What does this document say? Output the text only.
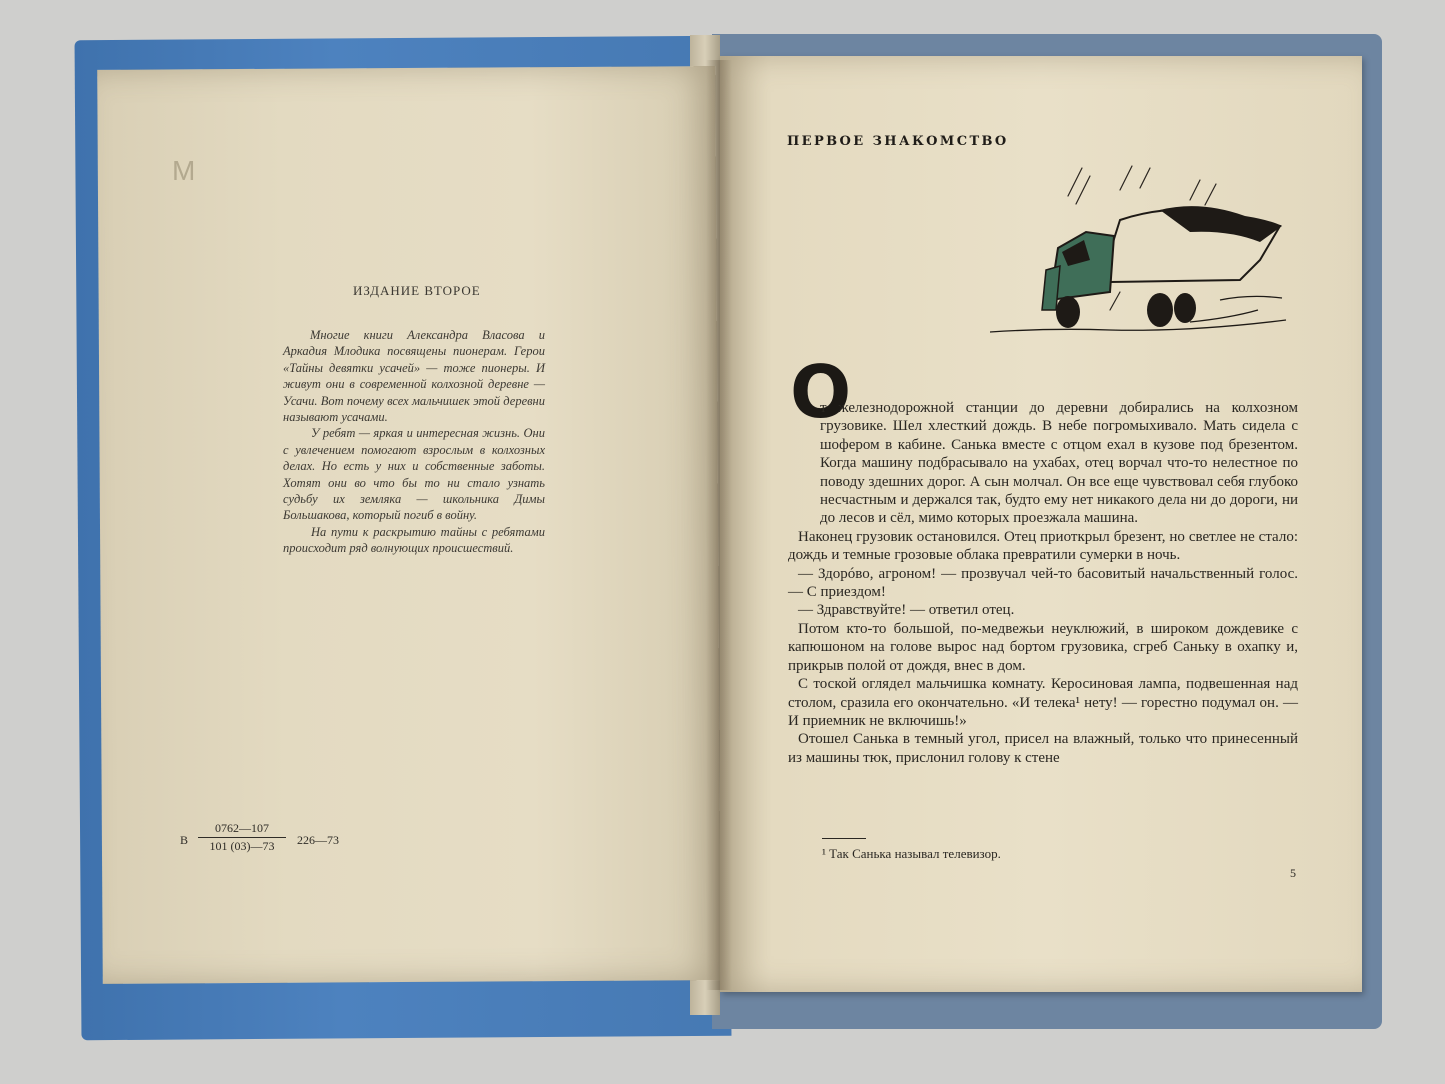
М
ИЗДАНИЕ ВТОРОЕ

Многие книги Александра Власова и Аркадия Млодика посвящены пионерам. Герои «Тайны девятки усачей» — тоже пионеры. И живут они в современной колхозной деревне — Усачи. Вот почему всех мальчишек этой деревни называют усачами.

У ребят — яркая и интересная жизнь. Они с увлечением помогают взрослым в колхозных делах. Но есть у них и собственные заботы. Хотят они во что бы то ни стало узнать судьбу их земляка — школьника Димы Большакова, который погиб в войну.

На пути к раскрытию тайны с ребятами происходит ряд волнующих происшествий.

В $\frac{0762—107}{101 (03)—73}$ 226—73
ПЕРВОЕ ЗНАКОМСТВО
О

т железнодорожной станции до деревни добирались на колхозном грузовике. Шел хлесткий дождь. В небе погромыхивало. Мать сидела с шофером в кабине. Санька вместе с отцом ехал в кузове под брезентом. Когда машину подбрасывало на ухабах, отец ворчал что-то нелестное по поводу здешних дорог. А сын молчал. Он все еще чувствовал себя глубоко несчастным и держался так, будто ему нет никакого дела ни до дороги, ни до лесов и сёл, мимо которых проезжала машина.

Наконец грузовик остановился. Отец приоткрыл брезент, но светлее не стало: дождь и темные грозовые облака превратили сумерки в ночь.

— Здорóво, агроном! — прозвучал чей-то басовитый начальственный голос. — С приездом!

— Здравствуйте! — ответил отец.

Потом кто-то большой, по-медвежьи неуклюжий, в широком дождевике с капюшоном на голове вырос над бортом грузовика, сгреб Саньку в охапку и, прикрыв полой от дождя, внес в дом.

С тоской оглядел мальчишка комнату. Керосиновая лампа, подвешенная над столом, сразила его окончательно. «И телека¹ нету! — горестно подумал он. — И приемник не включишь!»

Отошел Санька в темный угол, присел на влажный, только что принесенный из машины тюк, прислонил голову к стене

¹ Так Санька называл телевизор.
5
